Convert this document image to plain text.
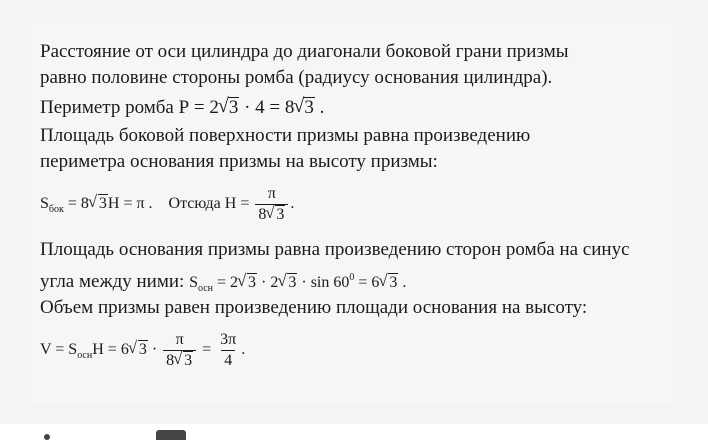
Расстояние от оси цилиндра до диагонали боковой грани призмы
равно половине стороны ромба (радиусу основания цилиндра).
Периметр ромба Р = 2√ 3 · 4 = 8√ 3 .
Площадь боковой поверхности призмы равна произведению
периметра основания призмы на высоту призмы:
$S_{бок} = 8√$ 3H = π . Отсюда $H = \frac{\pi}{8√ 3}$ .
Площадь основания призмы равна произведению сторон ромба на синус
угла между ними: $S_{осн} = 2√$ 3 · 2√ $3 \cdot \sin 60^0 = 6√$ 3 .
Объем призмы равен произведению площади основания на высоту:
$V = S_{осн}H = 6√$ $3 \cdot \frac{\pi}{8√ 3} = \frac{3\pi}{4}$ .
